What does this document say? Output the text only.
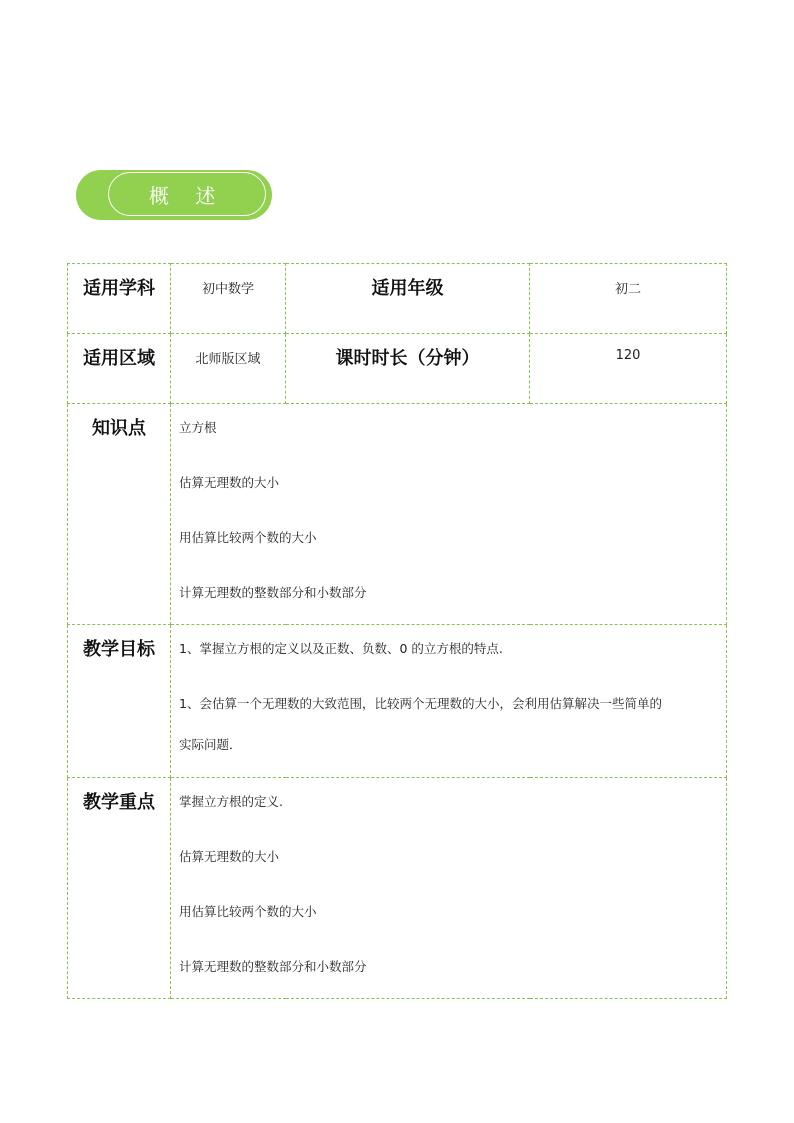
概 述
适用学科	初中数学	适用年级	初二
适用区域	北师版区域	课时时长（分钟）	120
知识点	立方根

估算无理数的大小

用估算比较两个数的大小

计算无理数的整数部分和小数部分		

教学目标	1、掌握立方根的定义以及正数、负数、0 的立方根的特点.

1、会估算一个无理数的大致范围，比较两个无理数的大小，会利用估算解决一些简单的

实际问题．		

教学重点	掌握立方根的定义.

估算无理数的大小

用估算比较两个数的大小

计算无理数的整数部分和小数部分		
